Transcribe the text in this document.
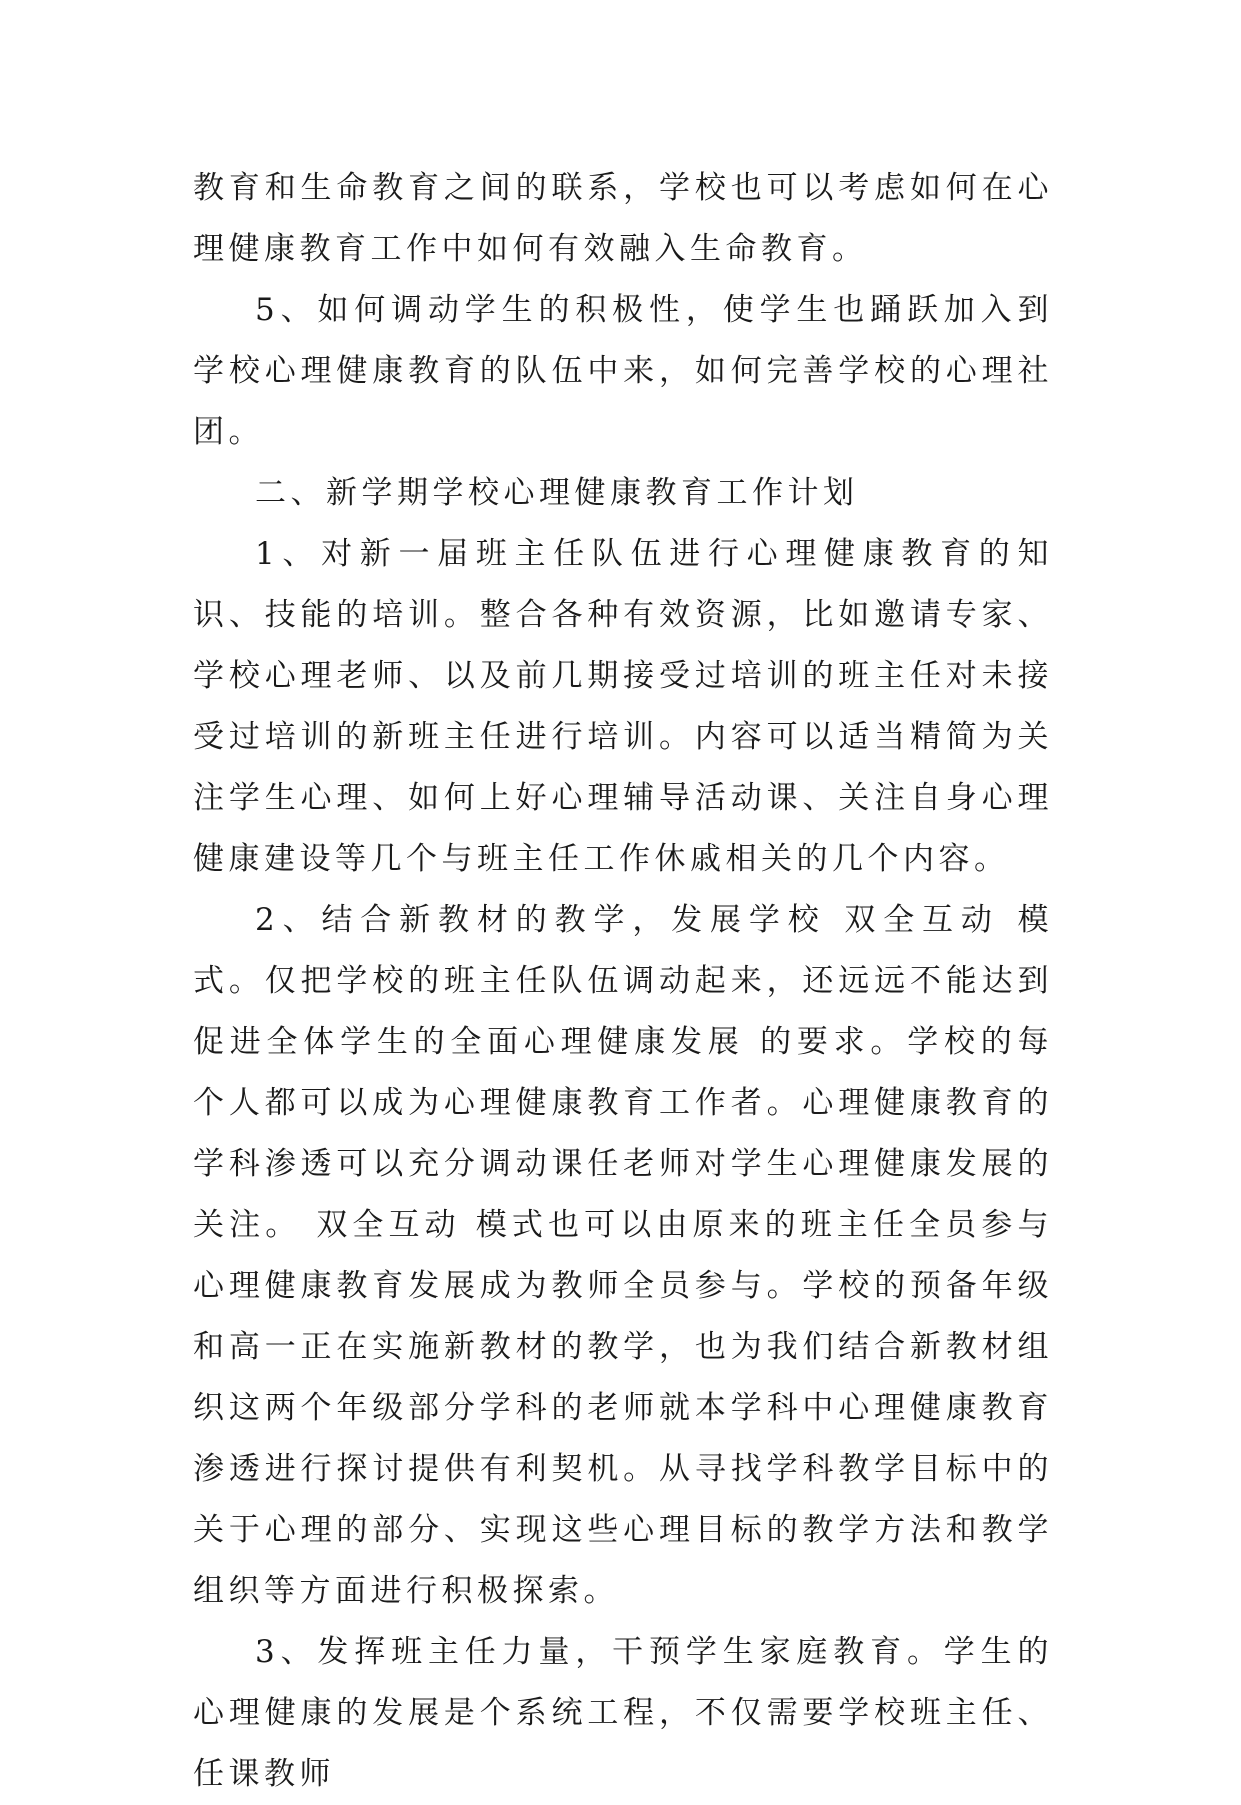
教育和生命教育之间的联系，学校也可以考虑如何在心理健康教育工作中如何有效融入生命教育。

5、如何调动学生的积极性，使学生也踊跃加入到学校心理健康教育的队伍中来，如何完善学校的心理社团。

二、新学期学校心理健康教育工作计划

1、对新一届班主任队伍进行心理健康教育的知识、技能的培训。整合各种有效资源，比如邀请专家、学校心理老师、以及前几期接受过培训的班主任对未接受过培训的新班主任进行培训。内容可以适当精简为关注学生心理、如何上好心理辅导活动课、关注自身心理健康建设等几个与班主任工作休戚相关的几个内容。

2、结合新教材的教学，发展学校 双全互动 模式。仅把学校的班主任队伍调动起来，还远远不能达到 促进全体学生的全面心理健康发展 的要求。学校的每个人都可以成为心理健康教育工作者。心理健康教育的学科渗透可以充分调动课任老师对学生心理健康发展的关注。 双全互动 模式也可以由原来的班主任全员参与心理健康教育发展成为教师全员参与。学校的预备年级和高一正在实施新教材的教学，也为我们结合新教材组织这两个年级部分学科的老师就本学科中心理健康教育渗透进行探讨提供有利契机。从寻找学科教学目标中的关于心理的部分、实现这些心理目标的教学方法和教学组织等方面进行积极探索。

3、发挥班主任力量，干预学生家庭教育。学生的心理健康的发展是个系统工程，不仅需要学校班主任、任课教师
